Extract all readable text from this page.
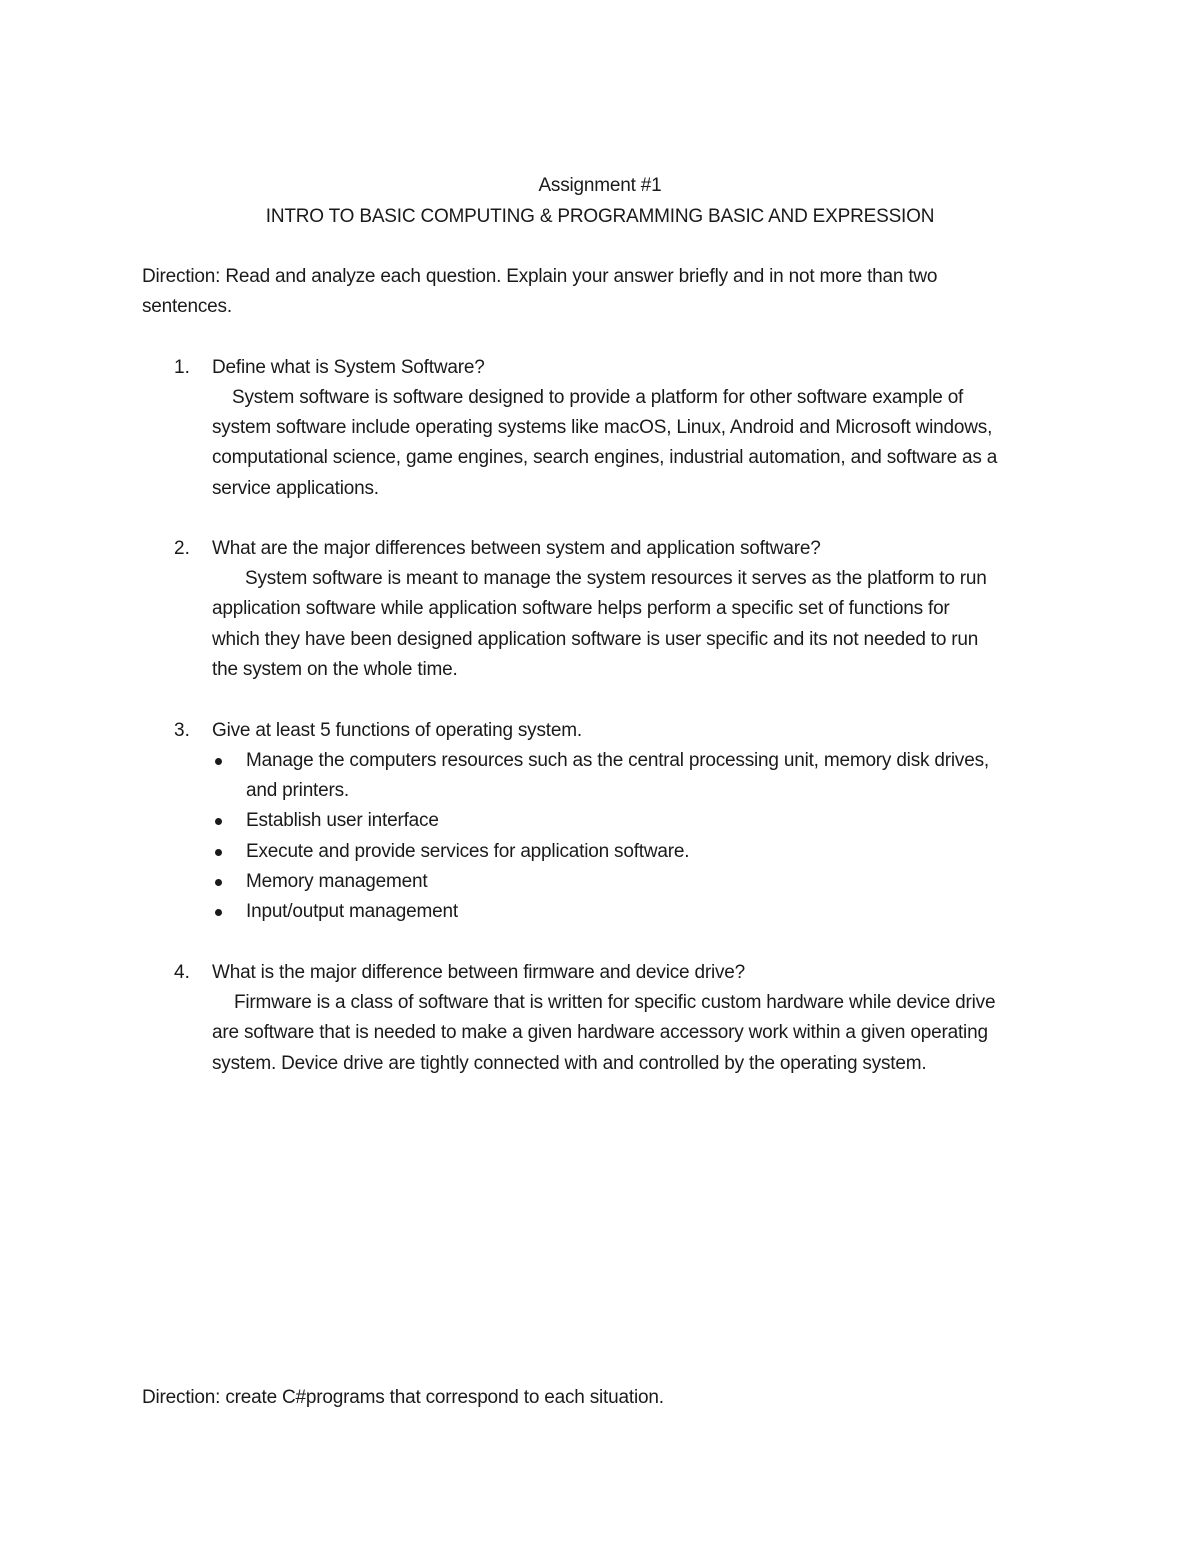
Assignment #1
INTRO TO BASIC COMPUTING & PROGRAMMING BASIC AND EXPRESSION
Direction: Read and analyze each question. Explain your answer briefly and in not more than two
sentences.
1. Define what is System Software?
System software is software designed to provide a platform for other software example of
system software include operating systems like macOS, Linux, Android and Microsoft windows,
computational science, game engines, search engines, industrial automation, and software as a
service applications.
2. What are the major differences between system and application software?
System software is meant to manage the system resources it serves as the platform to run
application software while application software helps perform a specific set of functions for
which they have been designed application software is user specific and its not needed to run
the system on the whole time.
3. Give at least 5 functions of operating system.
Manage the computers resources such as the central processing unit, memory disk drives,
and printers.
Establish user interface
Execute and provide services for application software.
Memory management
Input/output management
4. What is the major difference between firmware and device drive?
Firmware is a class of software that is written for specific custom hardware while device drive
are software that is needed to make a given hardware accessory work within a given operating
system. Device drive are tightly connected with and controlled by the operating system.
Direction: create C#programs that correspond to each situation.
